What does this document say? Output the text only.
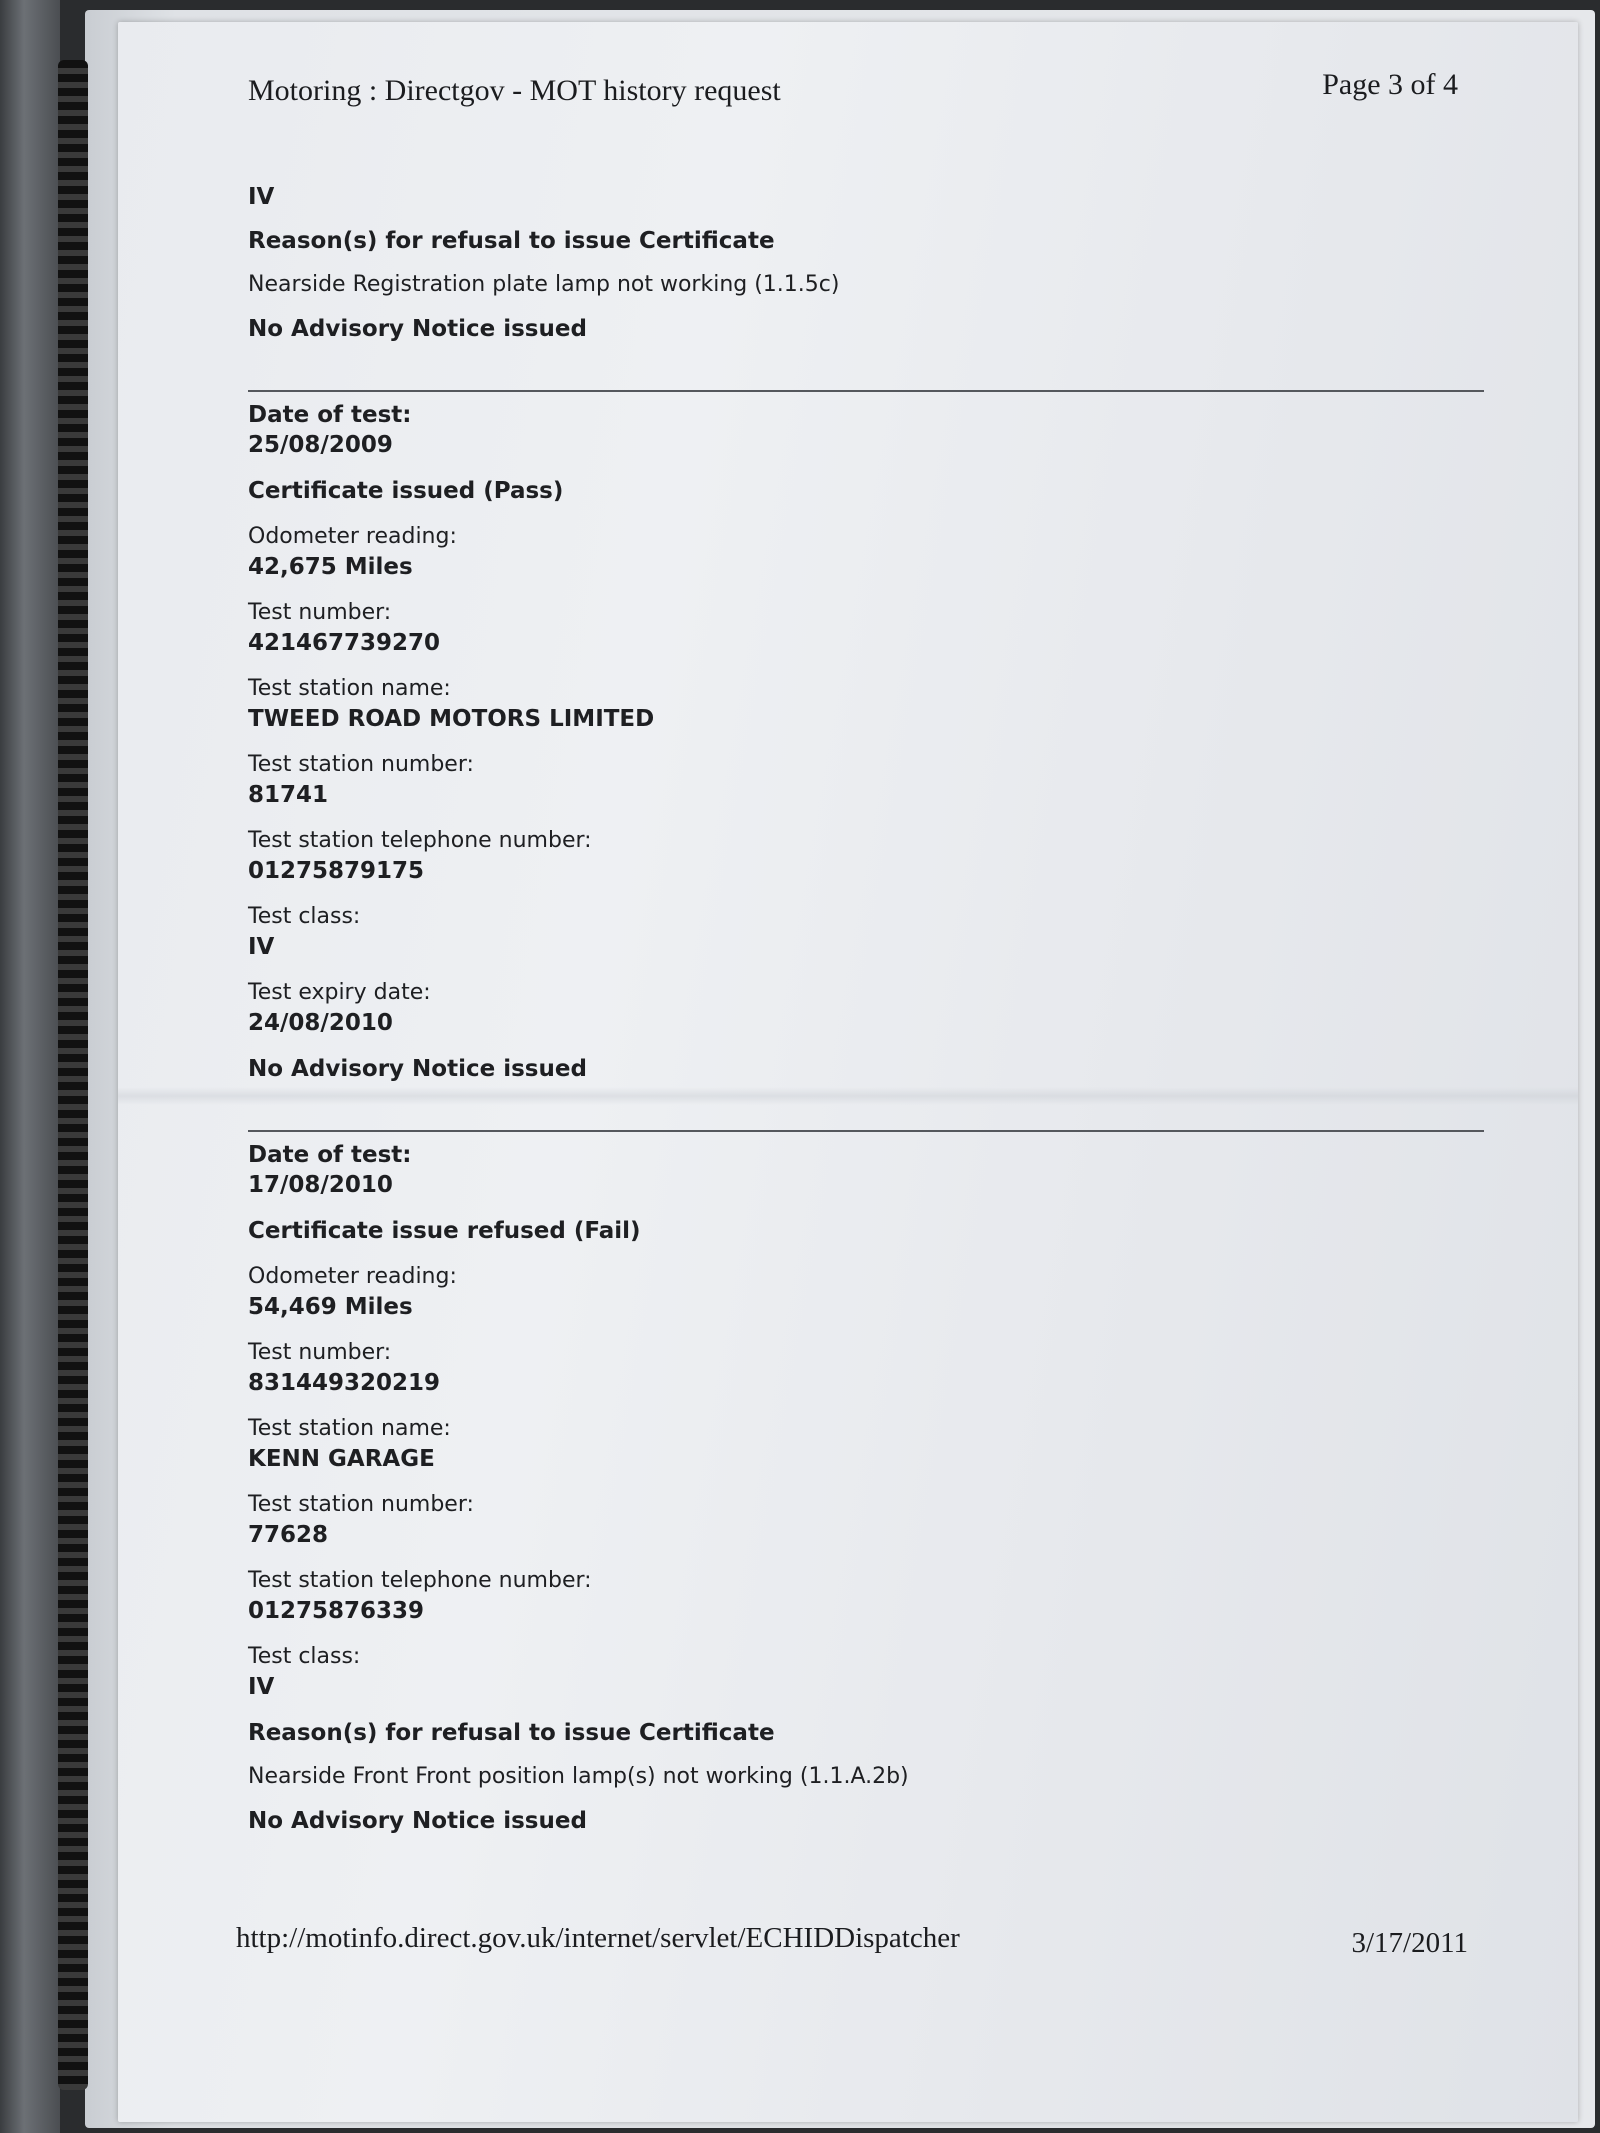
Motoring : Directgov - MOT history request	Page 3 of 4

IV

Reason(s) for refusal to issue Certificate

Nearside Registration plate lamp not working (1.1.5c)

No Advisory Notice issued

Date of test:
25/08/2009

Certificate issued (Pass)

Odometer reading:
42,675 Miles
Test number:
421467739270
Test station name:
TWEED ROAD MOTORS LIMITED
Test station number:
81741
Test station telephone number:
01275879175
Test class:
IV
Test expiry date:
24/08/2010

No Advisory Notice issued

Date of test:
17/08/2010

Certificate issue refused (Fail)

Odometer reading:
54,469 Miles
Test number:
831449320219
Test station name:
KENN GARAGE
Test station number:
77628
Test station telephone number:
01275876339
Test class:
IV

Reason(s) for refusal to issue Certificate

Nearside Front Front position lamp(s) not working (1.1.A.2b)

No Advisory Notice issued

http://motinfo.direct.gov.uk/internet/servlet/ECHIDDispatcher	3/17/2011
